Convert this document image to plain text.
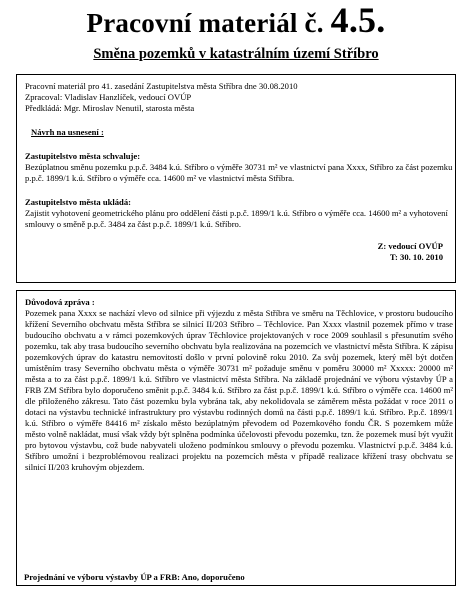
Pracovní materiál č. 4.5.
Směna pozemků v katastrálním území Stříbro
Pracovní materiál pro 41. zasedání Zastupitelstva města Stříbra dne 30.08.2010
Zpracoval: Vladislav Hanzlíček, vedoucí OVÚP
Předkládá: Mgr. Miroslav Nenutil, starosta města
Návrh na usnesení :
Zastupitelstvo města schvaluje:
Bezúplatnou směnu pozemku p.p.č. 3484 k.ú. Stříbro o výměře 30731 m² ve vlastnictví pana Xxxx, Stříbro za část pozemku p.p.č. 1899/1 k.ú. Stříbro o výměře cca. 14600 m² ve vlastnictví města Stříbra.
Zastupitelstvo města ukládá:
Zajistit vyhotovení geometrického plánu pro oddělení části p.p.č. 1899/1 k.ú. Stříbro o výměře cca. 14600 m² a vyhotovení smlouvy o směně p.p.č. 3484 za část p.p.č. 1899/1 k.ú. Stříbro.
Z: vedoucí OVÚP
T: 30. 10. 2010
Důvodová zpráva :
Pozemek pana Xxxx se nachází vlevo od silnice při výjezdu z města Stříbra ve směru na Těchlovice, v prostoru budoucího křížení Severního obchvatu města Stříbra se silnicí II/203 Stříbro – Těchlovice. Pan Xxxx vlastnil pozemek přímo v trase budoucího obchvatu a v rámci pozemkových úprav Těchlovice projektovaných v roce 2009 souhlasil s přesunutím svého pozemku, tak aby trasa budoucího severního obchvatu byla realizována na pozemcích ve vlastnictví města Stříbra. K zápisu pozemkových úprav do katastru nemovitostí došlo v první polovině roku 2010. Za svůj pozemek, který měl být dotčen umístěním trasy Severního obchvatu města o výměře 30731 m² požaduje směnu v poměru 30000 m² Xxxxx: 20000 m² města a to za část p.p.č. 1899/1 k.ú. Stříbro ve vlastnictví města Stříbra. Na základě projednání ve výboru výstavby ÚP a FRB ZM Stříbra bylo doporučeno směnit p.p.č. 3484 k.ú. Stříbro za část p.p.č. 1899/1 k.ú. Stříbro o výměře cca. 14600 m² dle přiloženého zákresu. Tato část pozemku byla vybrána tak, aby nekolidovala se záměrem města požádat v roce 2011 o dotaci na výstavbu technické infrastruktury pro výstavbu rodinných domů na části p.p.č. 1899/1 k.ú. Stříbro. P.p.č. 1899/1 k.ú. Stříbro o výměře 84416 m² získalo město bezúplatným převodem od Pozemkového fondu ČR. S pozemkem může město volně nakládat, musí však vždy být splněna podmínka účelovosti převodu pozemku, tzn. že pozemek musí být využit pro bytovou výstavbu, což bude nabyvateli uloženo podmínkou smlouvy o převodu pozemku. Vlastnictví p.p.č. 3484 k.ú. Stříbro umožní i bezproblémovou realizaci projektu na pozemcích města v případě realizace křížení trasy obchvatu se silnicí II/203 kruhovým objezdem.
Projednání ve výboru výstavby ÚP a FRB: Ano, doporučeno
